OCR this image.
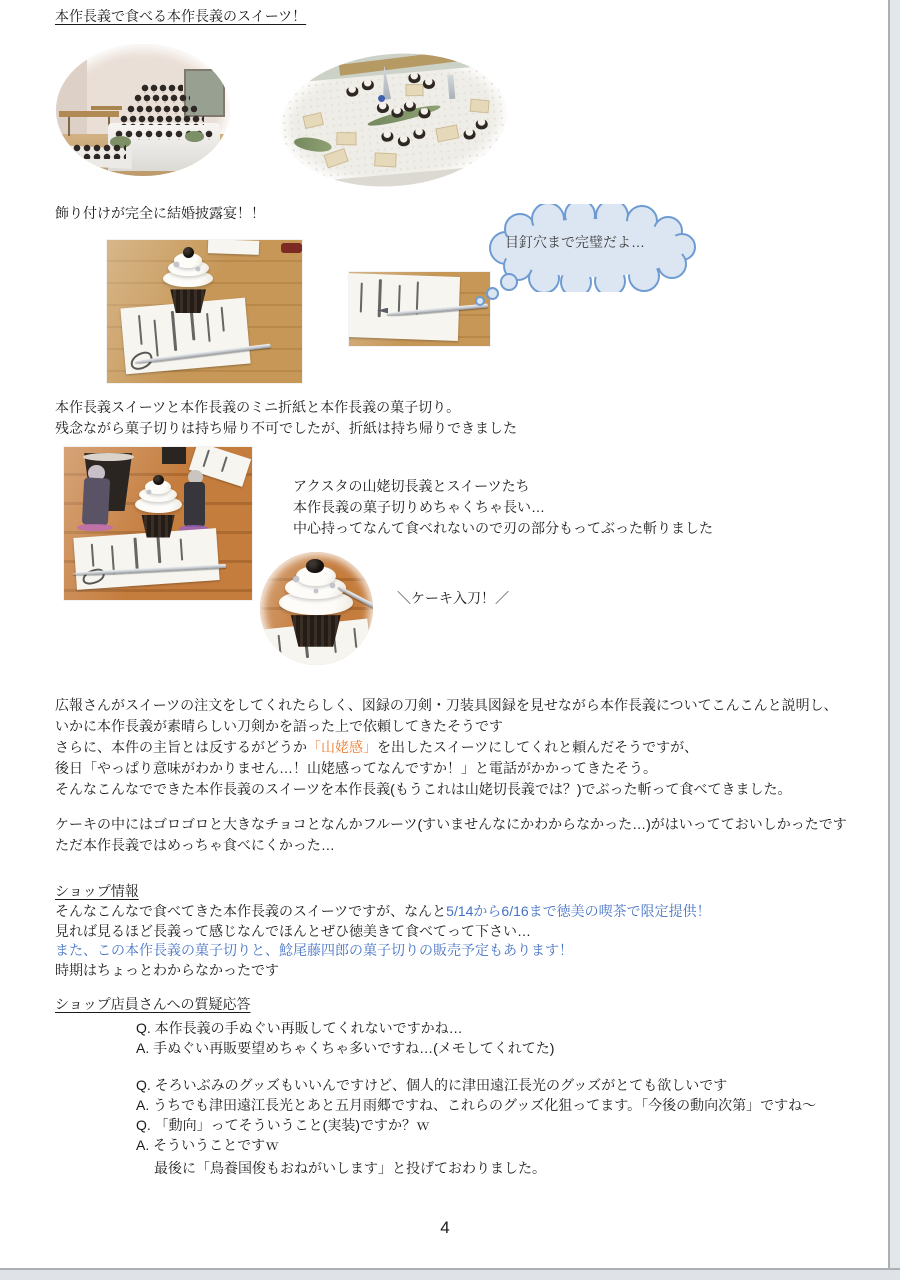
本作長義で食べる本作長義のスイーツ！
飾り付けが完全に結婚披露宴！！
目釘穴まで完璧だよ…
本作長義スイーツと本作長義のミニ折紙と本作長義の菓子切り。
残念ながら菓子切りは持ち帰り不可でしたが、折紙は持ち帰りできました
アクスタの山姥切長義とスイーツたち
本作長義の菓子切りめちゃくちゃ長い…
中心持ってなんて食べれないので刃の部分もってぶった斬りました
＼ケーキ入刀！／
広報さんがスイーツの注文をしてくれたらしく、図録の刀剣・刀装具図録を見せながら本作長義についてこんこんと説明し、
いかに本作長義が素晴らしい刀剣かを語った上で依頼してきたそうです
さらに、本件の主旨とは反するがどうか「山姥感」を出したスイーツにしてくれと頼んだそうですが、
後日「やっぱり意味がわかりません…！山姥感ってなんですか！」と電話がかかってきたそう。
そんなこんなでできた本作長義のスイーツを本作長義(もうこれは山姥切長義では？)でぶった斬って食べてきました。
ケーキの中にはゴロゴロと大きなチョコとなんかフルーツ(すいませんなにかわからなかった…)がはいってておいしかったです
ただ本作長義ではめっちゃ食べにくかった…
ショップ情報
そんなこんなで食べてきた本作長義のスイーツですが、なんと5/14から6/16まで徳美の喫茶で限定提供！
見れば見るほど長義って感じなんでほんとぜひ徳美きて食べてって下さい…
また、この本作長義の菓子切りと、鯰尾藤四郎の菓子切りの販売予定もあります！
時期はちょっとわからなかったです
ショップ店員さんへの質疑応答
Q. 本作長義の手ぬぐい再販してくれないですかね…
A. 手ぬぐい再販要望めちゃくちゃ多いですね…(メモしてくれてた)
Q. そろいぶみのグッズもいいんですけど、個人的に津田遠江長光のグッズがとても欲しいです
A. うちでも津田遠江長光とあと五月雨郷ですね、これらのグッズ化狙ってます。「今後の動向次第」ですね～
Q. 「動向」ってそういうこと(実装)ですか？ｗ
A. そういうことですｗ
最後に「鳥養国俊もおねがいします」と投げておわりました。
4
